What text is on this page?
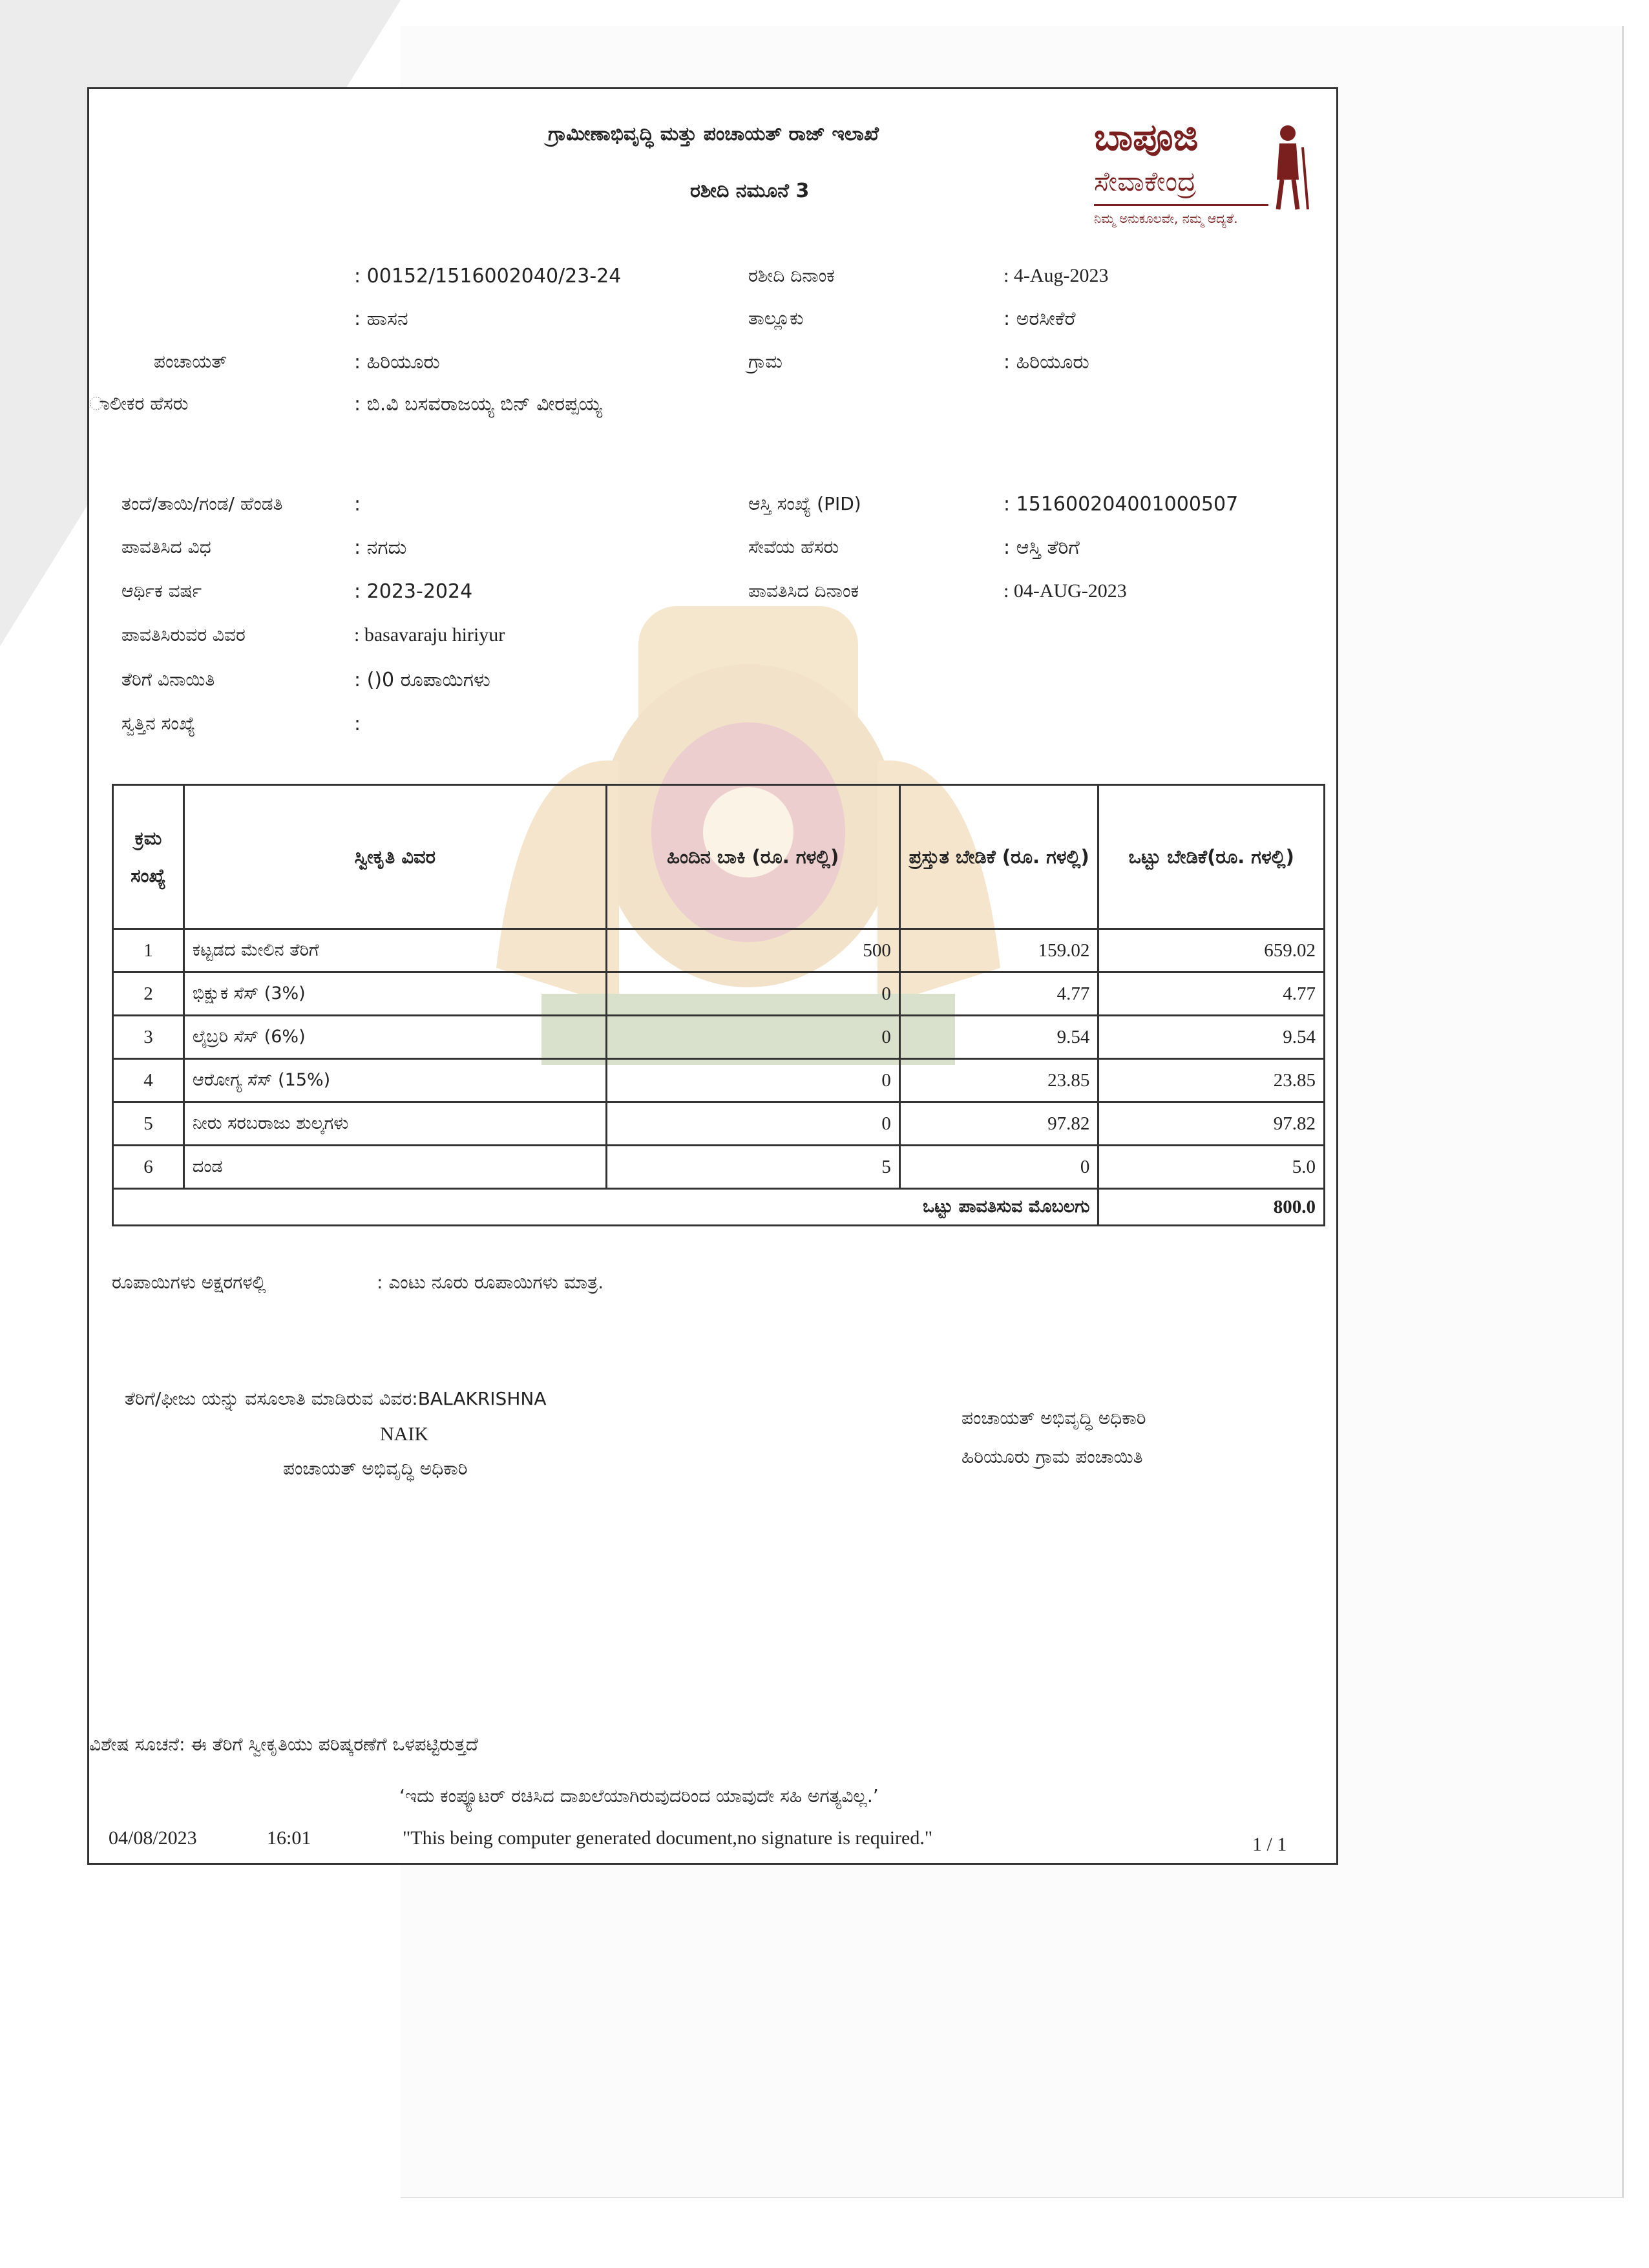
ಗ್ರಾಮೀಣಾಭಿವೃದ್ಧಿ ಮತ್ತು ಪಂಚಾಯತ್ ರಾಜ್ ಇಲಾಖೆ
ರಶೀದಿ ನಮೂನೆ 3
ಬಾಪೂಜಿ
ಸೇವಾಕೇಂದ್ರ
ನಿಮ್ಮ ಅನುಕೂಲವೇ, ನಮ್ಮ ಆದ್ಯತೆ.
: 00152/1516002040/23-24
: ಹಾಸನ
ಪಂಚಾಯತ್	: ಹಿರಿಯೂರು
ಾಲೀಕರ ಹೆಸರು	: ಬಿ.ವಿ ಬಸವರಾಜಯ್ಯ ಬಿನ್ ವೀರಪ್ಪಯ್ಯ
ರಶೀದಿ ದಿನಾಂಕ	: 4-Aug-2023
ತಾಲ್ಲೂಕು	: ಅರಸೀಕೆರೆ
ಗ್ರಾಮ	: ಹಿರಿಯೂರು
ತಂದೆ/ತಾಯಿ/ಗಂಡ/ ಹೆಂಡತಿ	:
ಪಾವತಿಸಿದ ವಿಧ	: ನಗದು
ಆರ್ಥಿಕ ವರ್ಷ	: 2023-2024
ಪಾವತಿಸಿರುವರ ವಿವರ	: basavaraju hiriyur
ತೆರಿಗೆ ವಿನಾಯಿತಿ	: ()0 ರೂಪಾಯಿಗಳು
ಸ್ವತ್ತಿನ ಸಂಖ್ಯೆ	:
ಆಸ್ತಿ ಸಂಖ್ಯೆ (PID)	: 151600204001000507
ಸೇವೆಯ ಹೆಸರು	: ಆಸ್ತಿ ತೆರಿಗೆ
ಪಾವತಿಸಿದ ದಿನಾಂಕ	: 04-AUG-2023
ಕ್ರಮ ಸಂಖ್ಯೆ	ಸ್ವೀಕೃತಿ ವಿವರ	ಹಿಂದಿನ ಬಾಕಿ (ರೂ. ಗಳಲ್ಲಿ)	ಪ್ರಸ್ತುತ ಬೇಡಿಕೆ (ರೂ. ಗಳಲ್ಲಿ)	ಒಟ್ಟು ಬೇಡಿಕೆ(ರೂ. ಗಳಲ್ಲಿ)
1	ಕಟ್ಟಡದ ಮೇಲಿನ ತೆರಿಗೆ	500	159.02	659.02
2	ಭಿಕ್ಷುಕ ಸೆಸ್ (3%)	0	4.77	4.77
3	ಲೈಬ್ರರಿ ಸೆಸ್ (6%)	0	9.54	9.54
4	ಆರೋಗ್ಯ ಸೆಸ್ (15%)	0	23.85	23.85
5	ನೀರು ಸರಬರಾಜು ಶುಲ್ಕಗಳು	0	97.82	97.82
6	ದಂಡ	5	0	5.0
ಒಟ್ಟು ಪಾವತಿಸುವ ಮೊಬಲಗು				800.0
ರೂಪಾಯಿಗಳು ಅಕ್ಷರಗಳಲ್ಲಿ	: ಎಂಟು ನೂರು ರೂಪಾಯಿಗಳು ಮಾತ್ರ.
ತೆರಿಗೆ/ಫೀಜು ಯನ್ನು ವಸೂಲಾತಿ ಮಾಡಿರುವ ವಿವರ:BALAKRISHNA
NAIK
ಪಂಚಾಯತ್ ಅಭಿವೃದ್ಧಿ ಅಧಿಕಾರಿ
ಪಂಚಾಯತ್ ಅಭಿವೃದ್ಧಿ ಅಧಿಕಾರಿ
ಹಿರಿಯೂರು ಗ್ರಾಮ ಪಂಚಾಯಿತಿ
ವಿಶೇಷ ಸೂಚನೆ: ಈ ತೆರಿಗೆ ಸ್ವೀಕೃತಿಯು ಪರಿಷ್ಕರಣೆಗೆ ಒಳಪಟ್ಟಿರುತ್ತದೆ
‘ಇದು ಕಂಪ್ಯೂಟರ್ ರಚಿಸಿದ ದಾಖಲೆಯಾಗಿರುವುದರಿಂದ ಯಾವುದೇ ಸಹಿ ಅಗತ್ಯವಿಲ್ಲ.’
"This being computer generated document,no signature is required."
04/08/2023	16:01	1 / 1
